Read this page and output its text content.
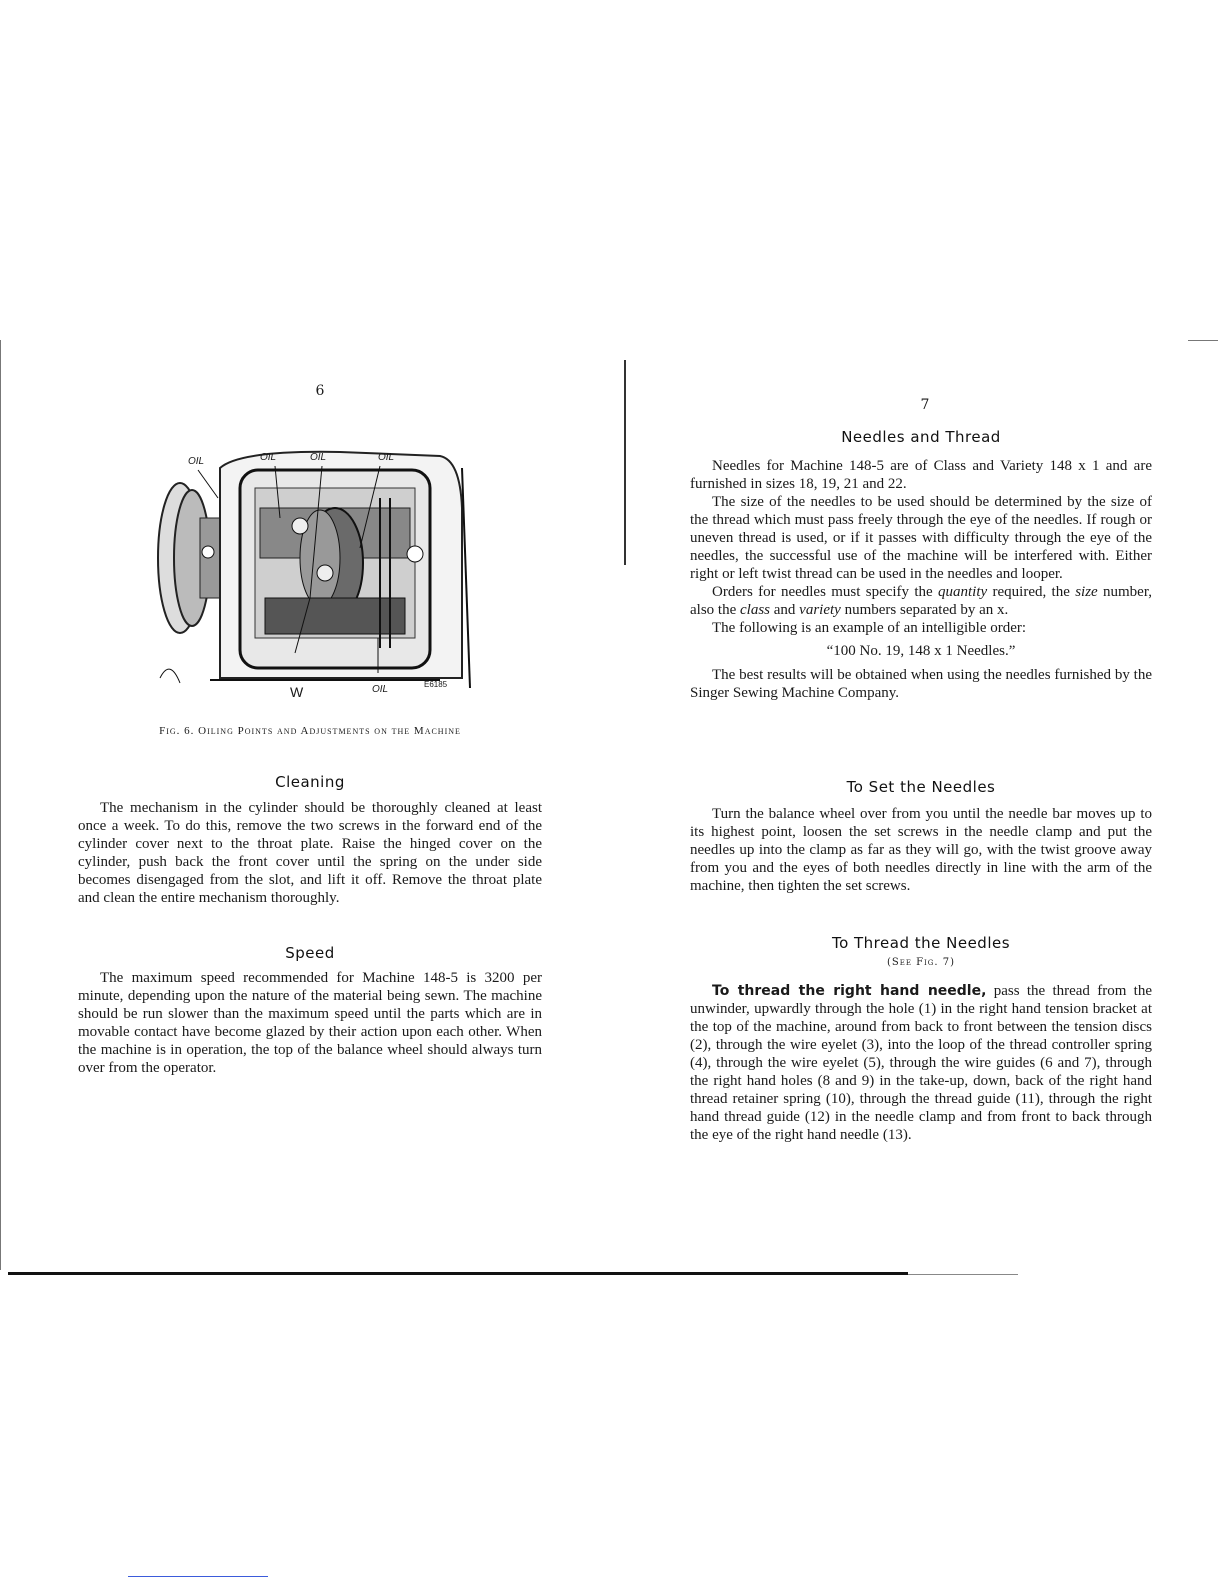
6
OIL	OIL	OIL	OIL
W	OIL	E6185
Fig. 6. Oiling Points and Adjustments on the Machine
Cleaning

The mechanism in the cylinder should be thoroughly cleaned at least once a week. To do this, remove the two screws in the forward end of the cylinder cover next to the throat plate. Raise the hinged cover on the cylinder, push back the front cover until the spring on the under side becomes disengaged from the slot, and lift it off. Remove the throat plate and clean the entire mechanism thoroughly.

Speed

The maximum speed recommended for Machine 148-5 is 3200 per minute, depending upon the nature of the material being sewn. The machine should be run slower than the maximum speed until the parts which are in movable contact have become glazed by their action upon each other. When the machine is in operation, the top of the balance wheel should always turn over from the operator.

7
Needles and Thread

Needles for Machine 148-5 are of Class and Variety 148 x 1 and are furnished in sizes 18, 19, 21 and 22.

The size of the needles to be used should be determined by the size of the thread which must pass freely through the eye of the needles. If rough or uneven thread is used, or if it passes with difficulty through the eye of the needles, the successful use of the machine will be interfered with. Either right or left twist thread can be used in the needles and looper.

Orders for needles must specify the quantity required, the size number, also the class and variety numbers separated by an x.

The following is an example of an intelligible order:

“100 No. 19, 148 x 1 Needles.”

The best results will be obtained when using the needles furnished by the Singer Sewing Machine Company.

To Set the Needles

Turn the balance wheel over from you until the needle bar moves up to its highest point, loosen the set screws in the needle clamp and put the needles up into the clamp as far as they will go, with the twist groove away from you and the eyes of both needles directly in line with the arm of the machine, then tighten the set screws.

To Thread the Needles
(See Fig. 7)

To thread the right hand needle, pass the thread from the unwinder, upwardly through the hole (1) in the right hand tension bracket at the top of the machine, around from back to front between the tension discs (2), through the wire eyelet (3), into the loop of the thread controller spring (4), through the wire eyelet (5), through the wire guides (6 and 7), through the right hand holes (8 and 9) in the take-up, down, back of the right hand thread retainer spring (10), through the thread guide (11), through the right hand thread guide (12) in the needle clamp and from front to back through the eye of the right hand needle (13).
